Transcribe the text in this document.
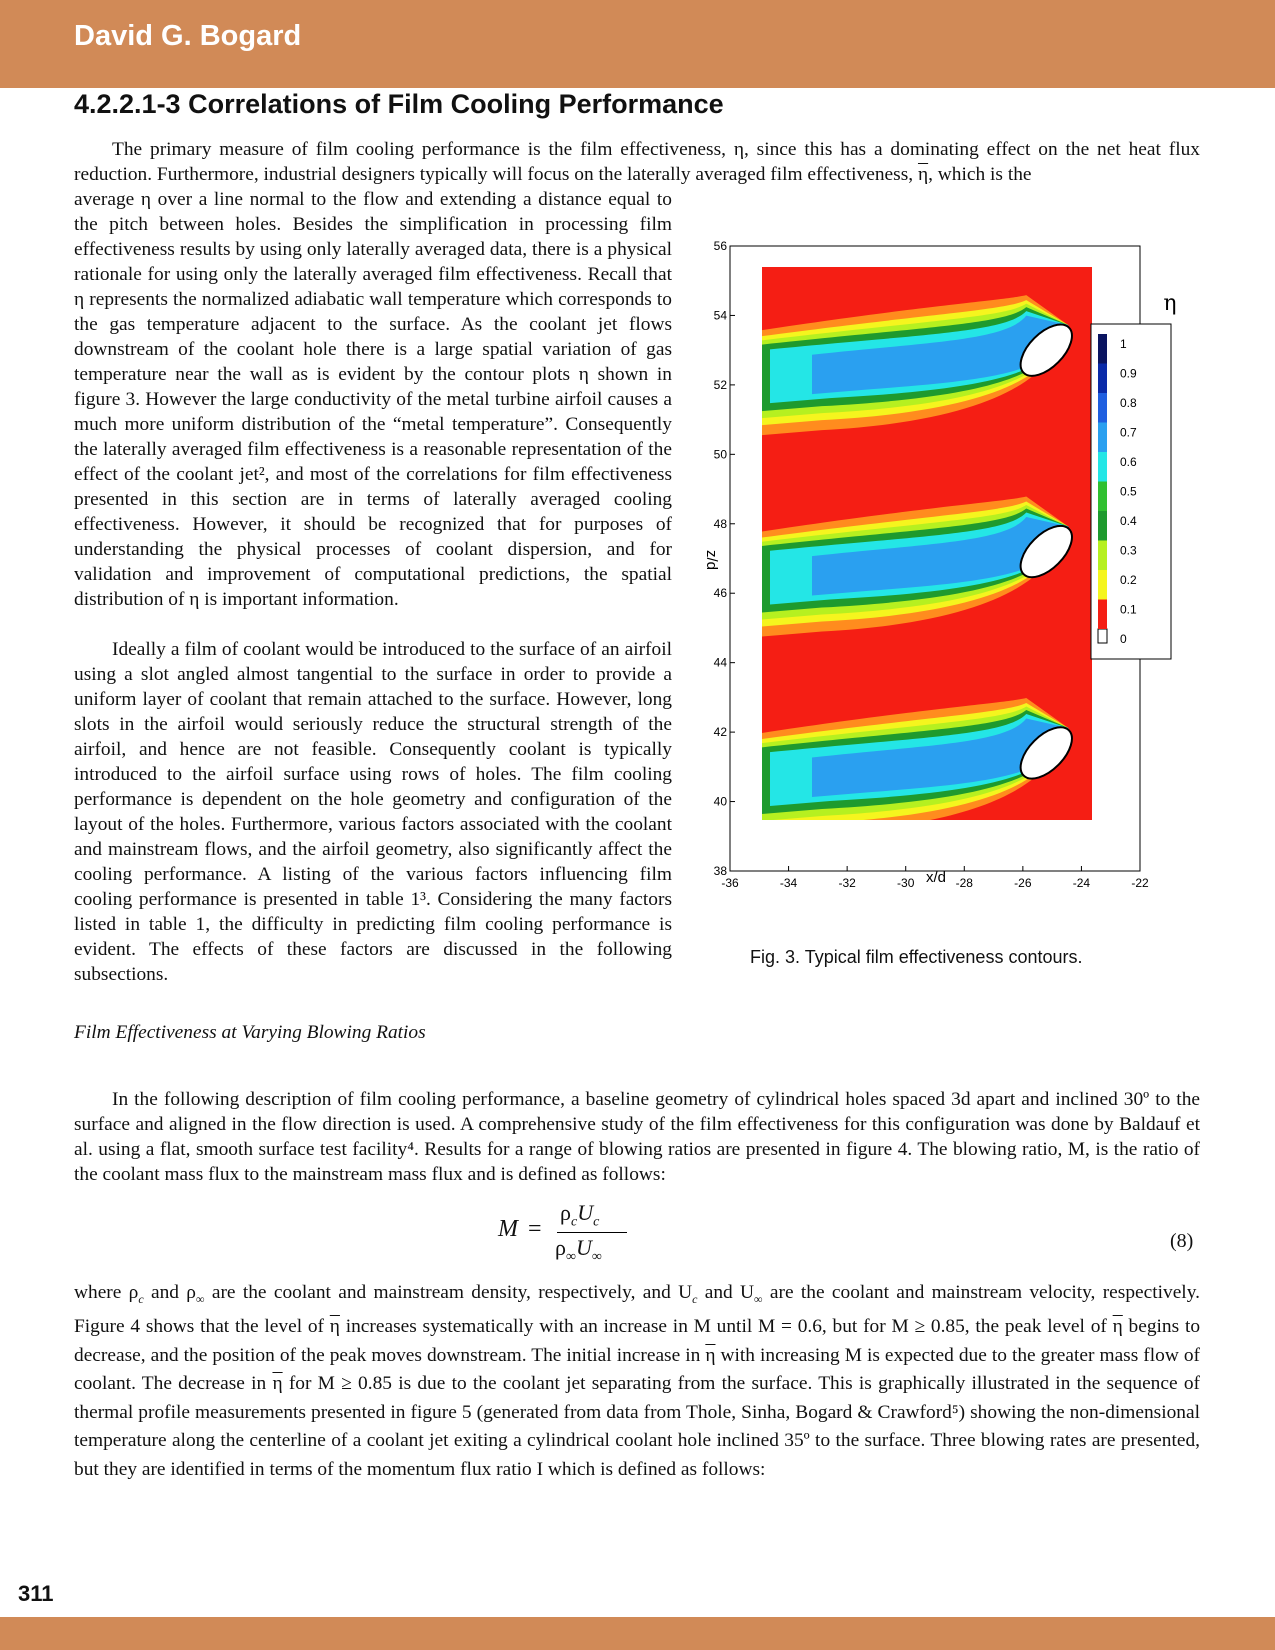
David G. Bogard
4.2.2.1-3 Correlations of Film Cooling Performance

The primary measure of film cooling performance is the film effectiveness, η, since this has a dominating effect on the net heat flux reduction. Furthermore, industrial designers typically will focus on the laterally averaged film effectiveness, $\overline{\eta}$, which is the

average η over a line normal to the flow and extending a distance equal to the pitch between holes. Besides the simplification in processing film effectiveness results by using only laterally averaged data, there is a physical rationale for using only the laterally averaged film effectiveness. Recall that η represents the normalized adiabatic wall temperature which corresponds to the gas temperature adjacent to the surface. As the coolant jet flows downstream of the coolant hole there is a large spatial variation of gas temperature near the wall as is evident by the contour plots η shown in figure 3. However the large conductivity of the metal turbine airfoil causes a much more uniform distribution of the “metal temperature”. Consequently the laterally averaged film effectiveness is a reasonable representation of the effect of the coolant jet², and most of the correlations for film effectiveness presented in this section are in terms of laterally averaged cooling effectiveness. However, it should be recognized that for purposes of understanding the physical processes of coolant dispersion, and for validation and improvement of computational predictions, the spatial distribution of η is important information.

Ideally a film of coolant would be introduced to the surface of an airfoil using a slot angled almost tangential to the surface in order to provide a uniform layer of coolant that remain attached to the surface. However, long slots in the airfoil would seriously reduce the structural strength of the airfoil, and hence are not feasible. Consequently coolant is typically introduced to the airfoil surface using rows of holes. The film cooling performance is dependent on the hole geometry and configuration of the layout of the holes. Furthermore, various factors associated with the coolant and mainstream flows, and the airfoil geometry, also significantly affect the cooling performance. A listing of the various factors influencing film cooling performance is presented in table 1³. Considering the many factors listed in table 1, the difficulty in predicting film cooling performance is evident. The effects of these factors are discussed in the following subsections.

-36	-34	-32	-30	-28	-26	-24	-22
56
54
52
50
48
46
44
42
40
38	x/d
z/d
1
0.9
0.8
0.7
0.6
0.5
0.4
0.3
0.2
0.1
0
η
Fig. 3. Typical film effectiveness contours.
Film Effectiveness at Varying Blowing Ratios

In the following description of film cooling performance, a baseline geometry of cylindrical holes spaced 3d apart and inclined 30º to the surface and aligned in the flow direction is used. A comprehensive study of the film effectiveness for this configuration was done by Baldauf et al. using a flat, smooth surface test facility⁴. Results for a range of blowing ratios are presented in figure 4. The blowing ratio, M, is the ratio of the coolant mass flux to the mainstream mass flux and is defined as follows:

M =
$\rho_cU_c$
$\rho_\infty U_\infty$
(8)

where $\rho_c$ and $\rho_\infty$ are the coolant and mainstream density, respectively, and $U_c$ and $U_\infty$ are the coolant and mainstream velocity, respectively. Figure 4 shows that the level of $\overline{\eta}$ increases systematically with an increase in M until M = 0.6, but for M ≥ 0.85, the peak level of $\overline{\eta}$ begins to decrease, and the position of the peak moves downstream. The initial increase in $\overline{\eta}$ with increasing M is expected due to the greater mass flow of coolant. The decrease in $\overline{\eta}$ for M ≥ 0.85 is due to the coolant jet separating from the surface. This is graphically illustrated in the sequence of thermal profile measurements presented in figure 5 (generated from data from Thole, Sinha, Bogard & Crawford⁵) showing the non-dimensional temperature along the centerline of a coolant jet exiting a cylindrical coolant hole inclined 35º to the surface. Three blowing rates are presented, but they are identified in terms of the momentum flux ratio I which is defined as follows:

311
